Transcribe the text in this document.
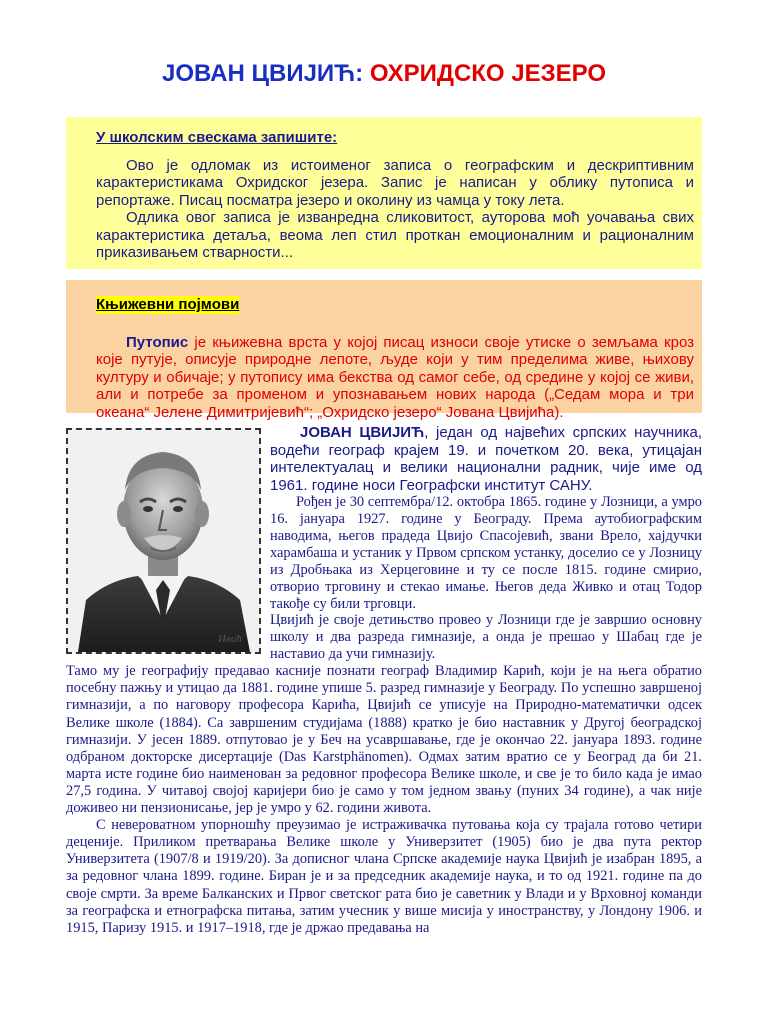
ЈОВАН ЦВИЈИЋ: ОХРИДСКО ЈЕЗЕРО

У школским свескама запишите:

Ово је одломак из истоименог записа о географским и дескриптивним карактеристикама Охридског језера. Запис је написан у облику путописа и репортаже. Писац посматра језеро и околину из чамца у току лета.

Одлика овог записа је изванредна сликовитост, ауторова моћ уочавања свих карактеристика детаља, веома леп стил проткан емоционалним и рационалним приказивањем стварности...

Књижевни појмови

Путопис је књижевна врста у којој писац износи своје утиске о земљама кроз које путује, описује природне лепоте, људе који у тим пределима живе, њихову културу и обичаје; у путопису има бекства од самог себе, од средине у којој се живи, али и потребе за променом и упознавањем нових народа („Седам мора и три океана“ Јелене Димитријевић“; „Охридско језеро“ Јована Цвијића).

Ивић

ЈОВАН ЦВИЈИЋ, један од највећих српских научника, водећи географ крајем 19. и почетком 20. века, утицајан интелектуалац и велики национални радник, чије име од 1961. године носи Географски институт САНУ.

Рођен је 30 септембра/12. октобра 1865. године у Лозници, а умро 16. јануара 1927. године у Београду. Према аутобиографским наводима, његов прадеда Цвијо Спасојевић, звани Врело, хајдучки харамбаша и устаник у Првом српском устанку, доселио се у Лозницу из Дробњака из Херцеговине и ту се после 1815. године смирио, отворио трговину и стекао имање. Његов деда Живко и отац Тодор такође су били трговци.

Цвијић је своје детињство провео у Лозници где је завршио основну школу и два разреда гимназије, а онда је прешао у Шабац где је наставио да учи гимназију.

Тамо му је географију предавао касније познати географ Владимир Карић, који је на њега обратио посебну пажњу и утицао да 1881. године упише 5. разред гимназије у Београду. По успешно завршеној гимназији, а по наговору професора Карића, Цвијић се уписује на Природно-математички одсек Велике школе (1884). Са завршеним студијама (1888) кратко је био наставник у Другој београдској гимназији. У јесен 1889. отпутовао је у Беч на усавршавање, где је окончао 22. јануара 1893. године одбраном докторске дисертације (Das Karstphänomen). Одмах затим вратио се у Београд да би 21. марта исте године био наименован за редовног професора Велике школе, и све је то било када је имао 27,5 година. У читавој својој каријери био је само у том једном звању (пуних 34 године), а чак није доживео ни пензионисање, јер је умро у 62. години живота.

С невероватном упорношћу преузимао је истраживачка путовања која су трајала готово четири деценије. Приликом претварања Велике школе у Универзитет (1905) био је два пута ректор Универзитета (1907/8 и 1919/20). За дописног члана Српске академије наука Цвијић је изабран 1895, а за редовног члана 1899. године. Биран је и за председник академије наука, и то од 1921. године па до своје смрти. За време Балканских и Првог светског рата био је саветник у Влади и у Врховној команди за географска и етнографска питања, затим учесник у више мисија у иностранству, у Лондону 1906. и 1915, Паризу 1915. и 1917–1918, где је држао предавања на
